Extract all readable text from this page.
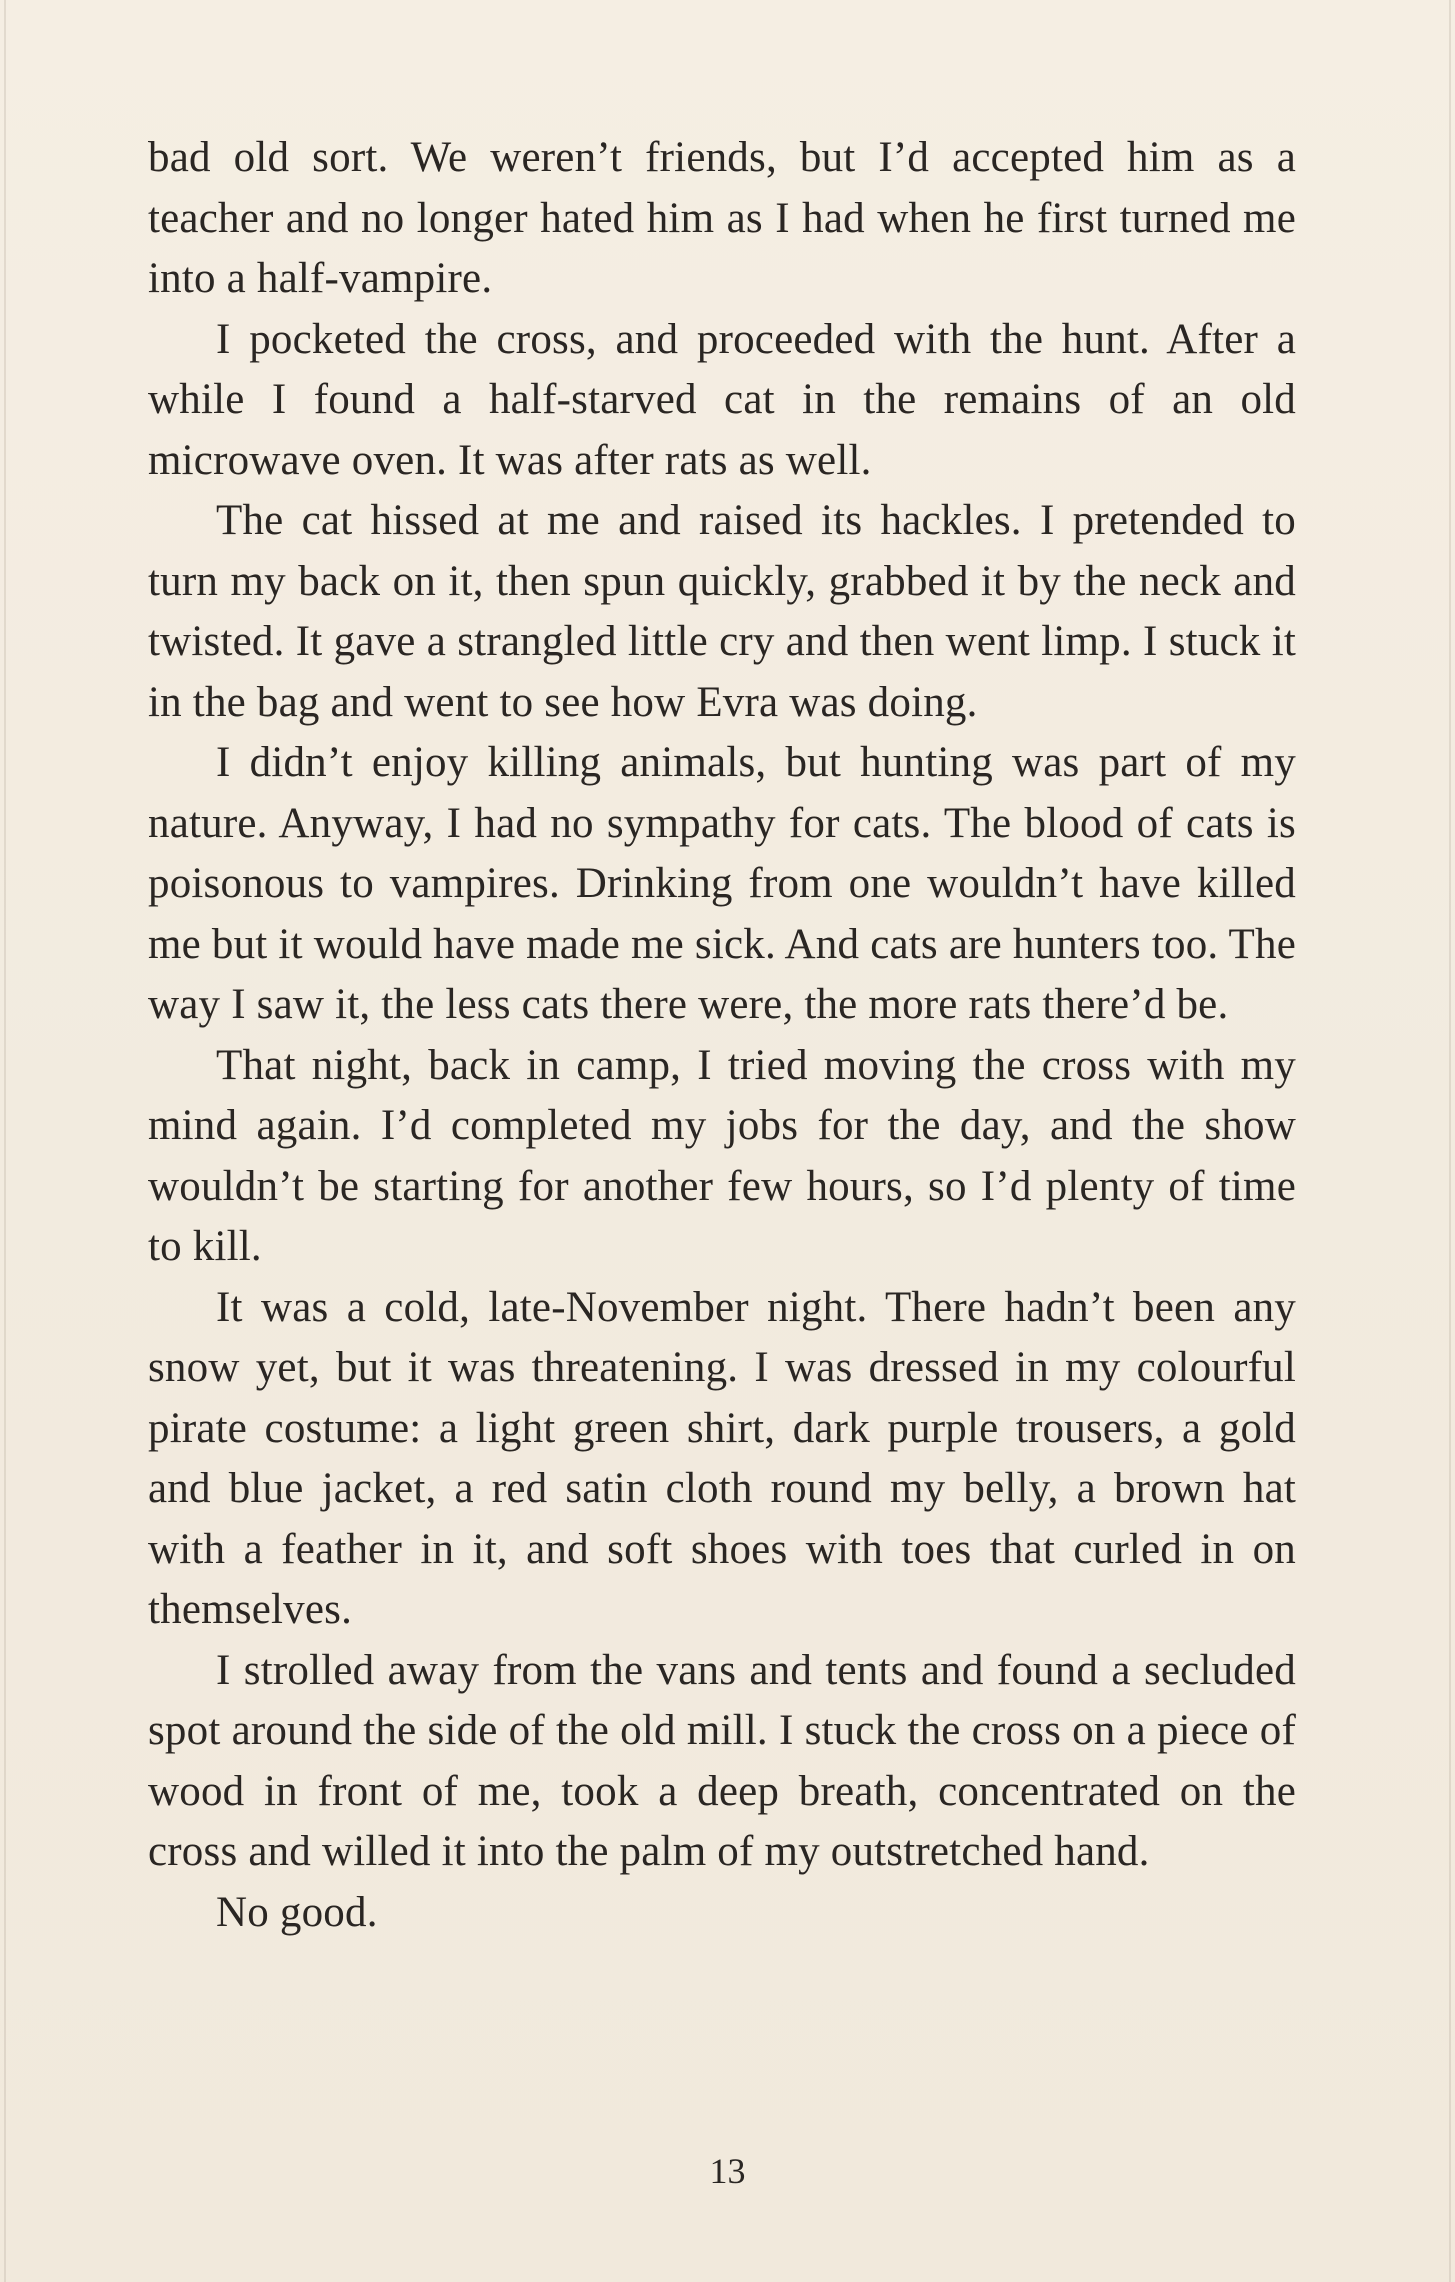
bad old sort. We weren’t friends, but I’d accepted him as a teacher and no longer hated him as I had when he first turned me into a half-vampire.

I pocketed the cross, and proceeded with the hunt. After a while I found a half-starved cat in the remains of an old microwave oven. It was after rats as well.

The cat hissed at me and raised its hackles. I pretended to turn my back on it, then spun quickly, grabbed it by the neck and twisted. It gave a strangled little cry and then went limp. I stuck it in the bag and went to see how Evra was doing.

I didn’t enjoy killing animals, but hunting was part of my nature. Anyway, I had no sympathy for cats. The blood of cats is poisonous to vampires. Drinking from one wouldn’t have killed me but it would have made me sick. And cats are hunters too. The way I saw it, the less cats there were, the more rats there’d be.

That night, back in camp, I tried moving the cross with my mind again. I’d completed my jobs for the day, and the show wouldn’t be starting for another few hours, so I’d plenty of time to kill.

It was a cold, late-November night. There hadn’t been any snow yet, but it was threatening. I was dressed in my colourful pirate costume: a light green shirt, dark purple trousers, a gold and blue jacket, a red satin cloth round my belly, a brown hat with a feather in it, and soft shoes with toes that curled in on themselves.

I strolled away from the vans and tents and found a secluded spot around the side of the old mill. I stuck the cross on a piece of wood in front of me, took a deep breath, concentrated on the cross and willed it into the palm of my outstretched hand.

No good.

13
